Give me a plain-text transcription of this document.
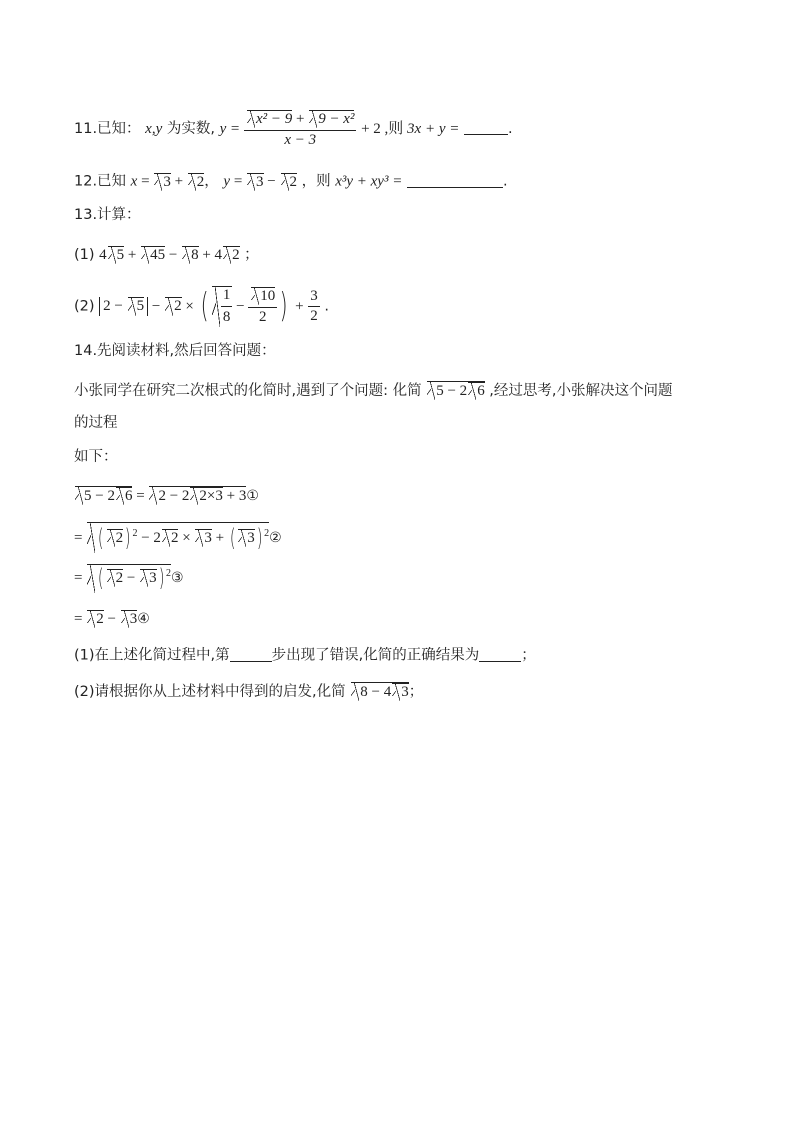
11.已知： x,y 为实数, $y = \frac{\text{x² − 9 + 9 − x²}}{x - 3} + 2$ ,则 3x + y =	.
12.已知 x = 3 + 2， y = 3 − 2 ，则 x³y + xy³ =	.
13.计算：
(1) 4 5 + 45 − 8 + 4 2 ；
(2) 2 − 5 − 2 × ( $\frac{1}{8} - \frac{10}{2}$ ) + $\frac{3}{2}$ .
14.先阅读材料,然后回答问题：
小张同学在研究二次根式的化简时,遇到了个问题: 化简 5 − 2 6 ,经过思考,小张解决这个问题
的过程
如下：
5 − 2 6 = 2 − 2 2×3 + 3①
= ( 2) $^2$ − 2 2 × 3 + ( 3) $^2$②
= ( 2 − 3) $^2$③
= 2 − 3④
(1)在上述化简过程中,第	步出现了错误,化简的正确结果为	；
(2)请根据你从上述材料中得到的启发,化简 8 − 4 3；
